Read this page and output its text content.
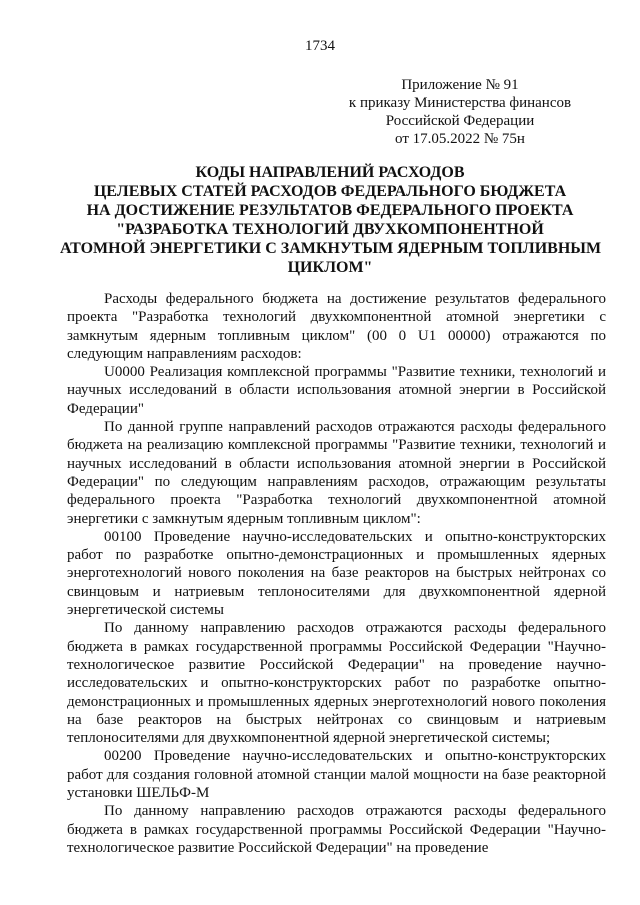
1734
Приложение № 91
к приказу Министерства финансов
Российской Федерации
от 17.05.2022 № 75н
КОДЫ НАПРАВЛЕНИЙ РАСХОДОВ
ЦЕЛЕВЫХ СТАТЕЙ РАСХОДОВ ФЕДЕРАЛЬНОГО БЮДЖЕТА
НА ДОСТИЖЕНИЕ РЕЗУЛЬТАТОВ ФЕДЕРАЛЬНОГО ПРОЕКТА
"РАЗРАБОТКА ТЕХНОЛОГИЙ ДВУХКОМПОНЕНТНОЙ
АТОМНОЙ ЭНЕРГЕТИКИ С ЗАМКНУТЫМ ЯДЕРНЫМ ТОПЛИВНЫМ
ЦИКЛОМ"

Расходы федерального бюджета на достижение результатов федерального проекта "Разработка технологий двухкомпонентной атомной энергетики с замкнутым ядерным топливным циклом" (00 0 U1 00000) отражаются по следующим направлениям расходов:

U0000 Реализация комплексной программы "Развитие техники, технологий и научных исследований в области использования атомной энергии в Российской Федерации"

По данной группе направлений расходов отражаются расходы федерального бюджета на реализацию комплексной программы "Развитие техники, технологий и научных исследований в области использования атомной энергии в Российской Федерации" по следующим направлениям расходов, отражающим результаты федерального проекта "Разработка технологий двухкомпонентной атомной энергетики с замкнутым ядерным топливным циклом":

00100 Проведение научно-исследовательских и опытно-конструкторских работ по разработке опытно-демонстрационных и промышленных ядерных энерготехнологий нового поколения на базе реакторов на быстрых нейтронах со свинцовым и натриевым теплоносителями для двухкомпонентной ядерной энергетической системы

По данному направлению расходов отражаются расходы федерального бюджета в рамках государственной программы Российской Федерации "Научно-технологическое развитие Российской Федерации" на проведение научно-исследовательских и опытно-конструкторских работ по разработке опытно-демонстрационных и промышленных ядерных энерготехнологий нового поколения на базе реакторов на быстрых нейтронах со свинцовым и натриевым теплоносителями для двухкомпонентной ядерной энергетической системы;

00200 Проведение научно-исследовательских и опытно-конструкторских работ для создания головной атомной станции малой мощности на базе реакторной установки ШЕЛЬФ-М

По данному направлению расходов отражаются расходы федерального бюджета в рамках государственной программы Российской Федерации "Научно-технологическое развитие Российской Федерации" на проведение
